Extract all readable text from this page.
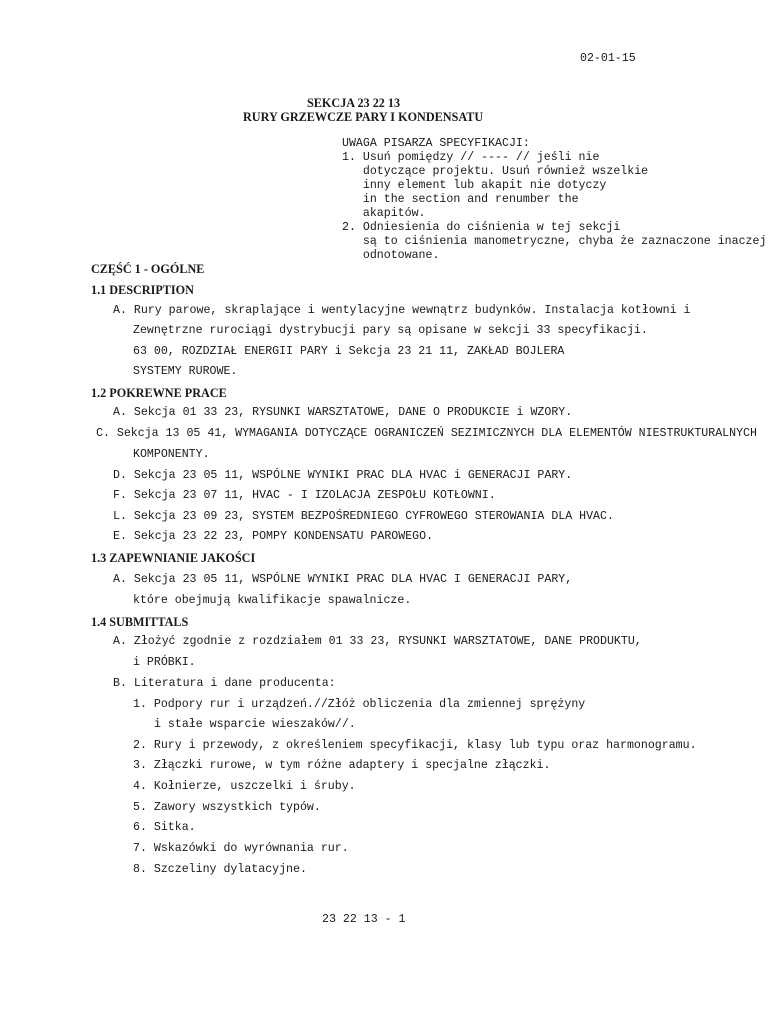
02-01-15
SEKCJA 23 22 13
RURY GRZEWCZE PARY I KONDENSATU
UWAGA PISARZA SPECYFIKACJI:
1. Usuń pomiędzy // ---- // jeśli nie
dotyczące projektu. Usuń również wszelkie
inny element lub akapit nie dotyczy
in the section and renumber the
akapitów.
2. Odniesienia do ciśnienia w tej sekcji
są to ciśnienia manometryczne, chyba że zaznaczone inaczej
odnotowane.
CZĘŚĆ 1 - OGÓLNE
1.1 DESCRIPTION
A. Rury parowe, skraplające i wentylacyjne wewnątrz budynków. Instalacja kotłowni i
Zewnętrzne rurociągi dystrybucji pary są opisane w sekcji 33 specyfikacji.
63 00, ROZDZIAŁ ENERGII PARY i Sekcja 23 21 11, ZAKŁAD BOJLERA
SYSTEMY RUROWE.
1.2 POKREWNE PRACE
A. Sekcja 01 33 23, RYSUNKI WARSZTATOWE, DANE O PRODUKCIE i WZORY.
C. Sekcja 13 05 41, WYMAGANIA DOTYCZĄCE OGRANICZEŃ SEZIMICZNYCH DLA ELEMENTÓW NIESTRUKTURALNYCH
KOMPONENTY.
D. Sekcja 23 05 11, WSPÓLNE WYNIKI PRAC DLA HVAC i GENERACJI PARY.
F. Sekcja 23 07 11, HVAC - I IZOLACJA ZESPOŁU KOTŁOWNI.
L. Sekcja 23 09 23, SYSTEM BEZPOŚREDNIEGO CYFROWEGO STEROWANIA DLA HVAC.
E. Sekcja 23 22 23, POMPY KONDENSATU PAROWEGO.
1.3 ZAPEWNIANIE JAKOŚCI
A. Sekcja 23 05 11, WSPÓLNE WYNIKI PRAC DLA HVAC I GENERACJI PARY,
które obejmują kwalifikacje spawalnicze.
1.4 SUBMITTALS
A. Złożyć zgodnie z rozdziałem 01 33 23, RYSUNKI WARSZTATOWE, DANE PRODUKTU,
i PRÓBKI.
B. Literatura i dane producenta:
1. Podpory rur i urządzeń.//Złóż obliczenia dla zmiennej sprężyny
i stałe wsparcie wieszaków//.
2. Rury i przewody, z określeniem specyfikacji, klasy lub typu oraz harmonogramu.
3. Złączki rurowe, w tym różne adaptery i specjalne złączki.
4. Kołnierze, uszczelki i śruby.
5. Zawory wszystkich typów.
6. Sitka.
7. Wskazówki do wyrównania rur.
8. Szczeliny dylatacyjne.
23 22 13 - 1
